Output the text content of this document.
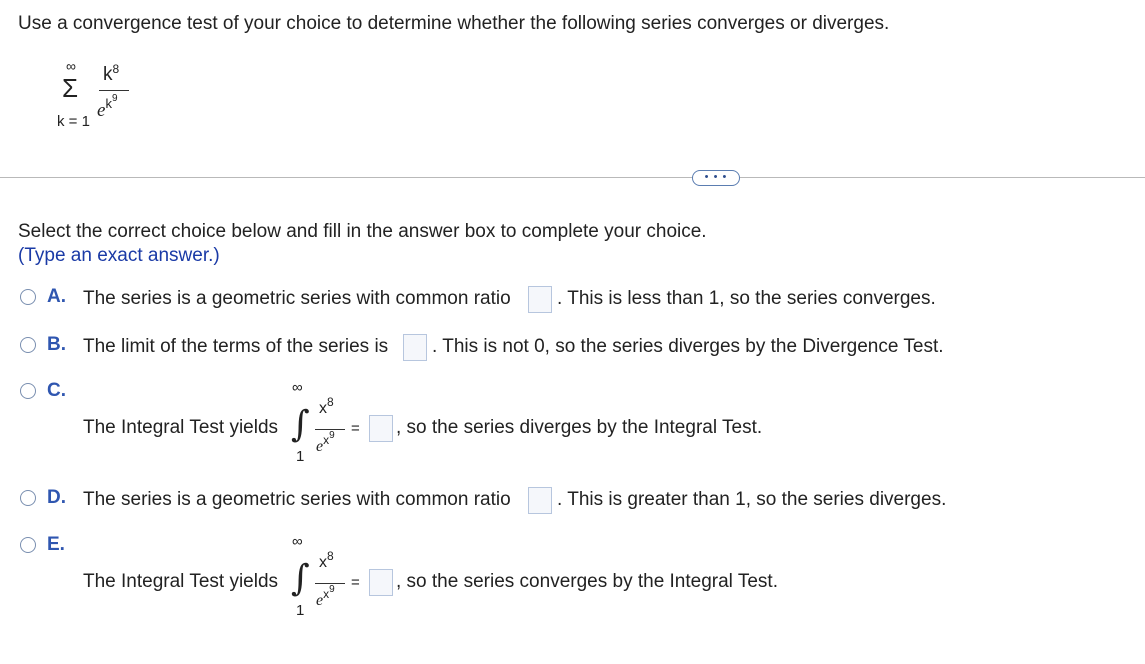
Use a convergence test of your choice to determine whether the following series converges or diverges.
∞
Σ
k = 1
$k^8$
$e^{k9}$
• • •
Select the correct choice below and fill in the answer box to complete your choice.
(Type an exact answer.)
A. The series is a geometric series with common ratio . This is less than 1, so the series converges.
B. The limit of the terms of the series is . This is not 0, so the series diverges by the Divergence Test.
C.
The Integral Test yields
∞
∫
1
$x^8$
$e^{x9}$ = , so the series diverges by the Integral Test.
D. The series is a geometric series with common ratio . This is greater than 1, so the series diverges.
E.
The Integral Test yields
∞
∫
1
$x^8$
$e^{x9}$ = , so the series converges by the Integral Test.
